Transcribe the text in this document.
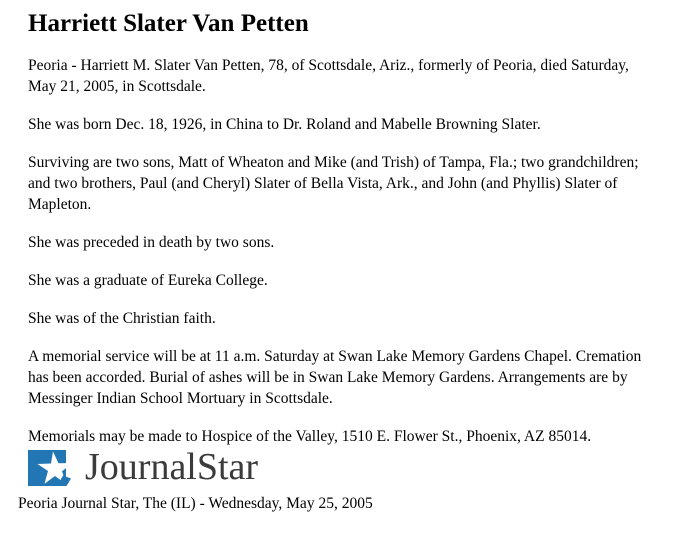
Harriett Slater Van Petten

Peoria - Harriett M. Slater Van Petten, 78, of Scottsdale, Ariz., formerly of Peoria, died Saturday, May 21, 2005, in Scottsdale.

She was born Dec. 18, 1926, in China to Dr. Roland and Mabelle Browning Slater.

Surviving are two sons, Matt of Wheaton and Mike (and Trish) of Tampa, Fla.; two grandchildren; and two brothers, Paul (and Cheryl) Slater of Bella Vista, Ark., and John (and Phyllis) Slater of Mapleton.

She was preceded in death by two sons.

She was a graduate of Eureka College.

She was of the Christian faith.

A memorial service will be at 11 a.m. Saturday at Swan Lake Memory Gardens Chapel. Cremation has been accorded. Burial of ashes will be in Swan Lake Memory Gardens. Arrangements are by Messinger Indian School Mortuary in Scottsdale.

Memorials may be made to Hospice of the Valley, 1510 E. Flower St., Phoenix, AZ 85014.

JournalStar
Peoria Journal Star, The (IL) - Wednesday, May 25, 2005
